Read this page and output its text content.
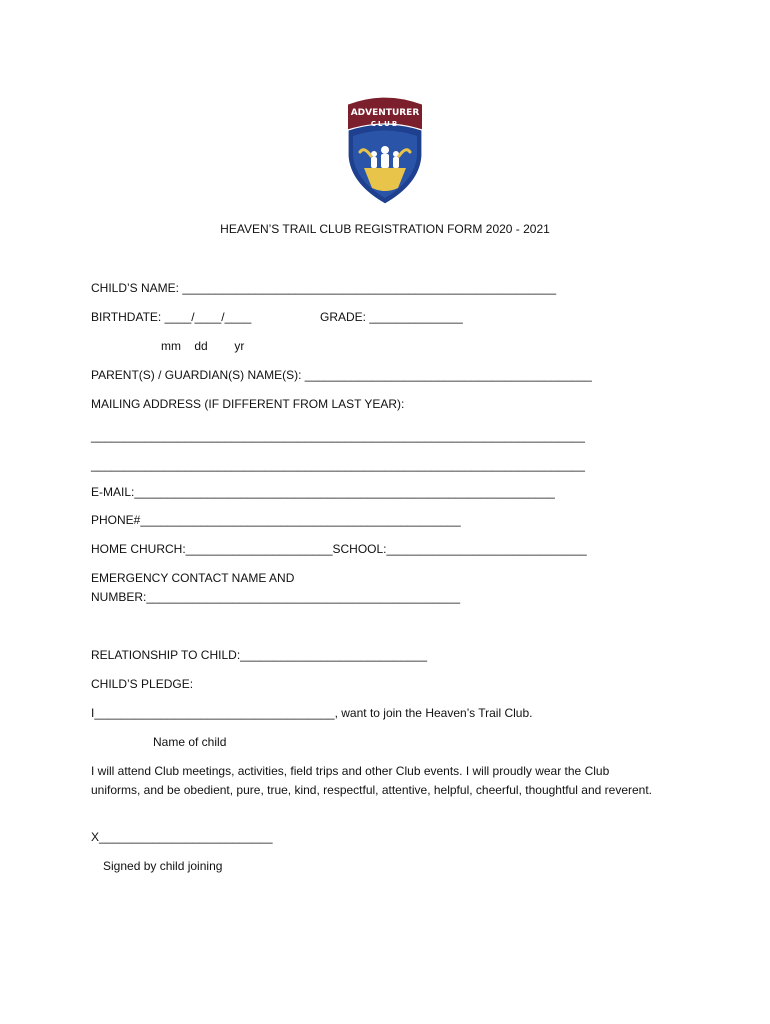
ADVENTURER
CLUB
HEAVEN’S TRAIL CLUB REGISTRATION FORM 2020 - 2021
CHILD’S NAME: ________________________________________________________
BIRTHDATE: ____/____/____	GRADE: ______________
mm    dd        yr
PARENT(S) / GUARDIAN(S) NAME(S): ___________________________________________
MAILING ADDRESS (IF DIFFERENT FROM LAST YEAR):
__________________________________________________________________________
__________________________________________________________________________
E-MAIL:_______________________________________________________________
PHONE#________________________________________________
HOME CHURCH:______________________SCHOOL:______________________________
EMERGENCY CONTACT NAME AND
NUMBER:_______________________________________________
RELATIONSHIP TO CHILD:____________________________
CHILD’S PLEDGE:
I____________________________________, want to join the Heaven’s Trail Club.
Name of child
I will attend Club meetings, activities, field trips and other Club events. I will proudly wear the Club uniforms, and be obedient, pure, true, kind, respectful, attentive, helpful, cheerful, thoughtful and reverent.
X__________________________
Signed by child joining
